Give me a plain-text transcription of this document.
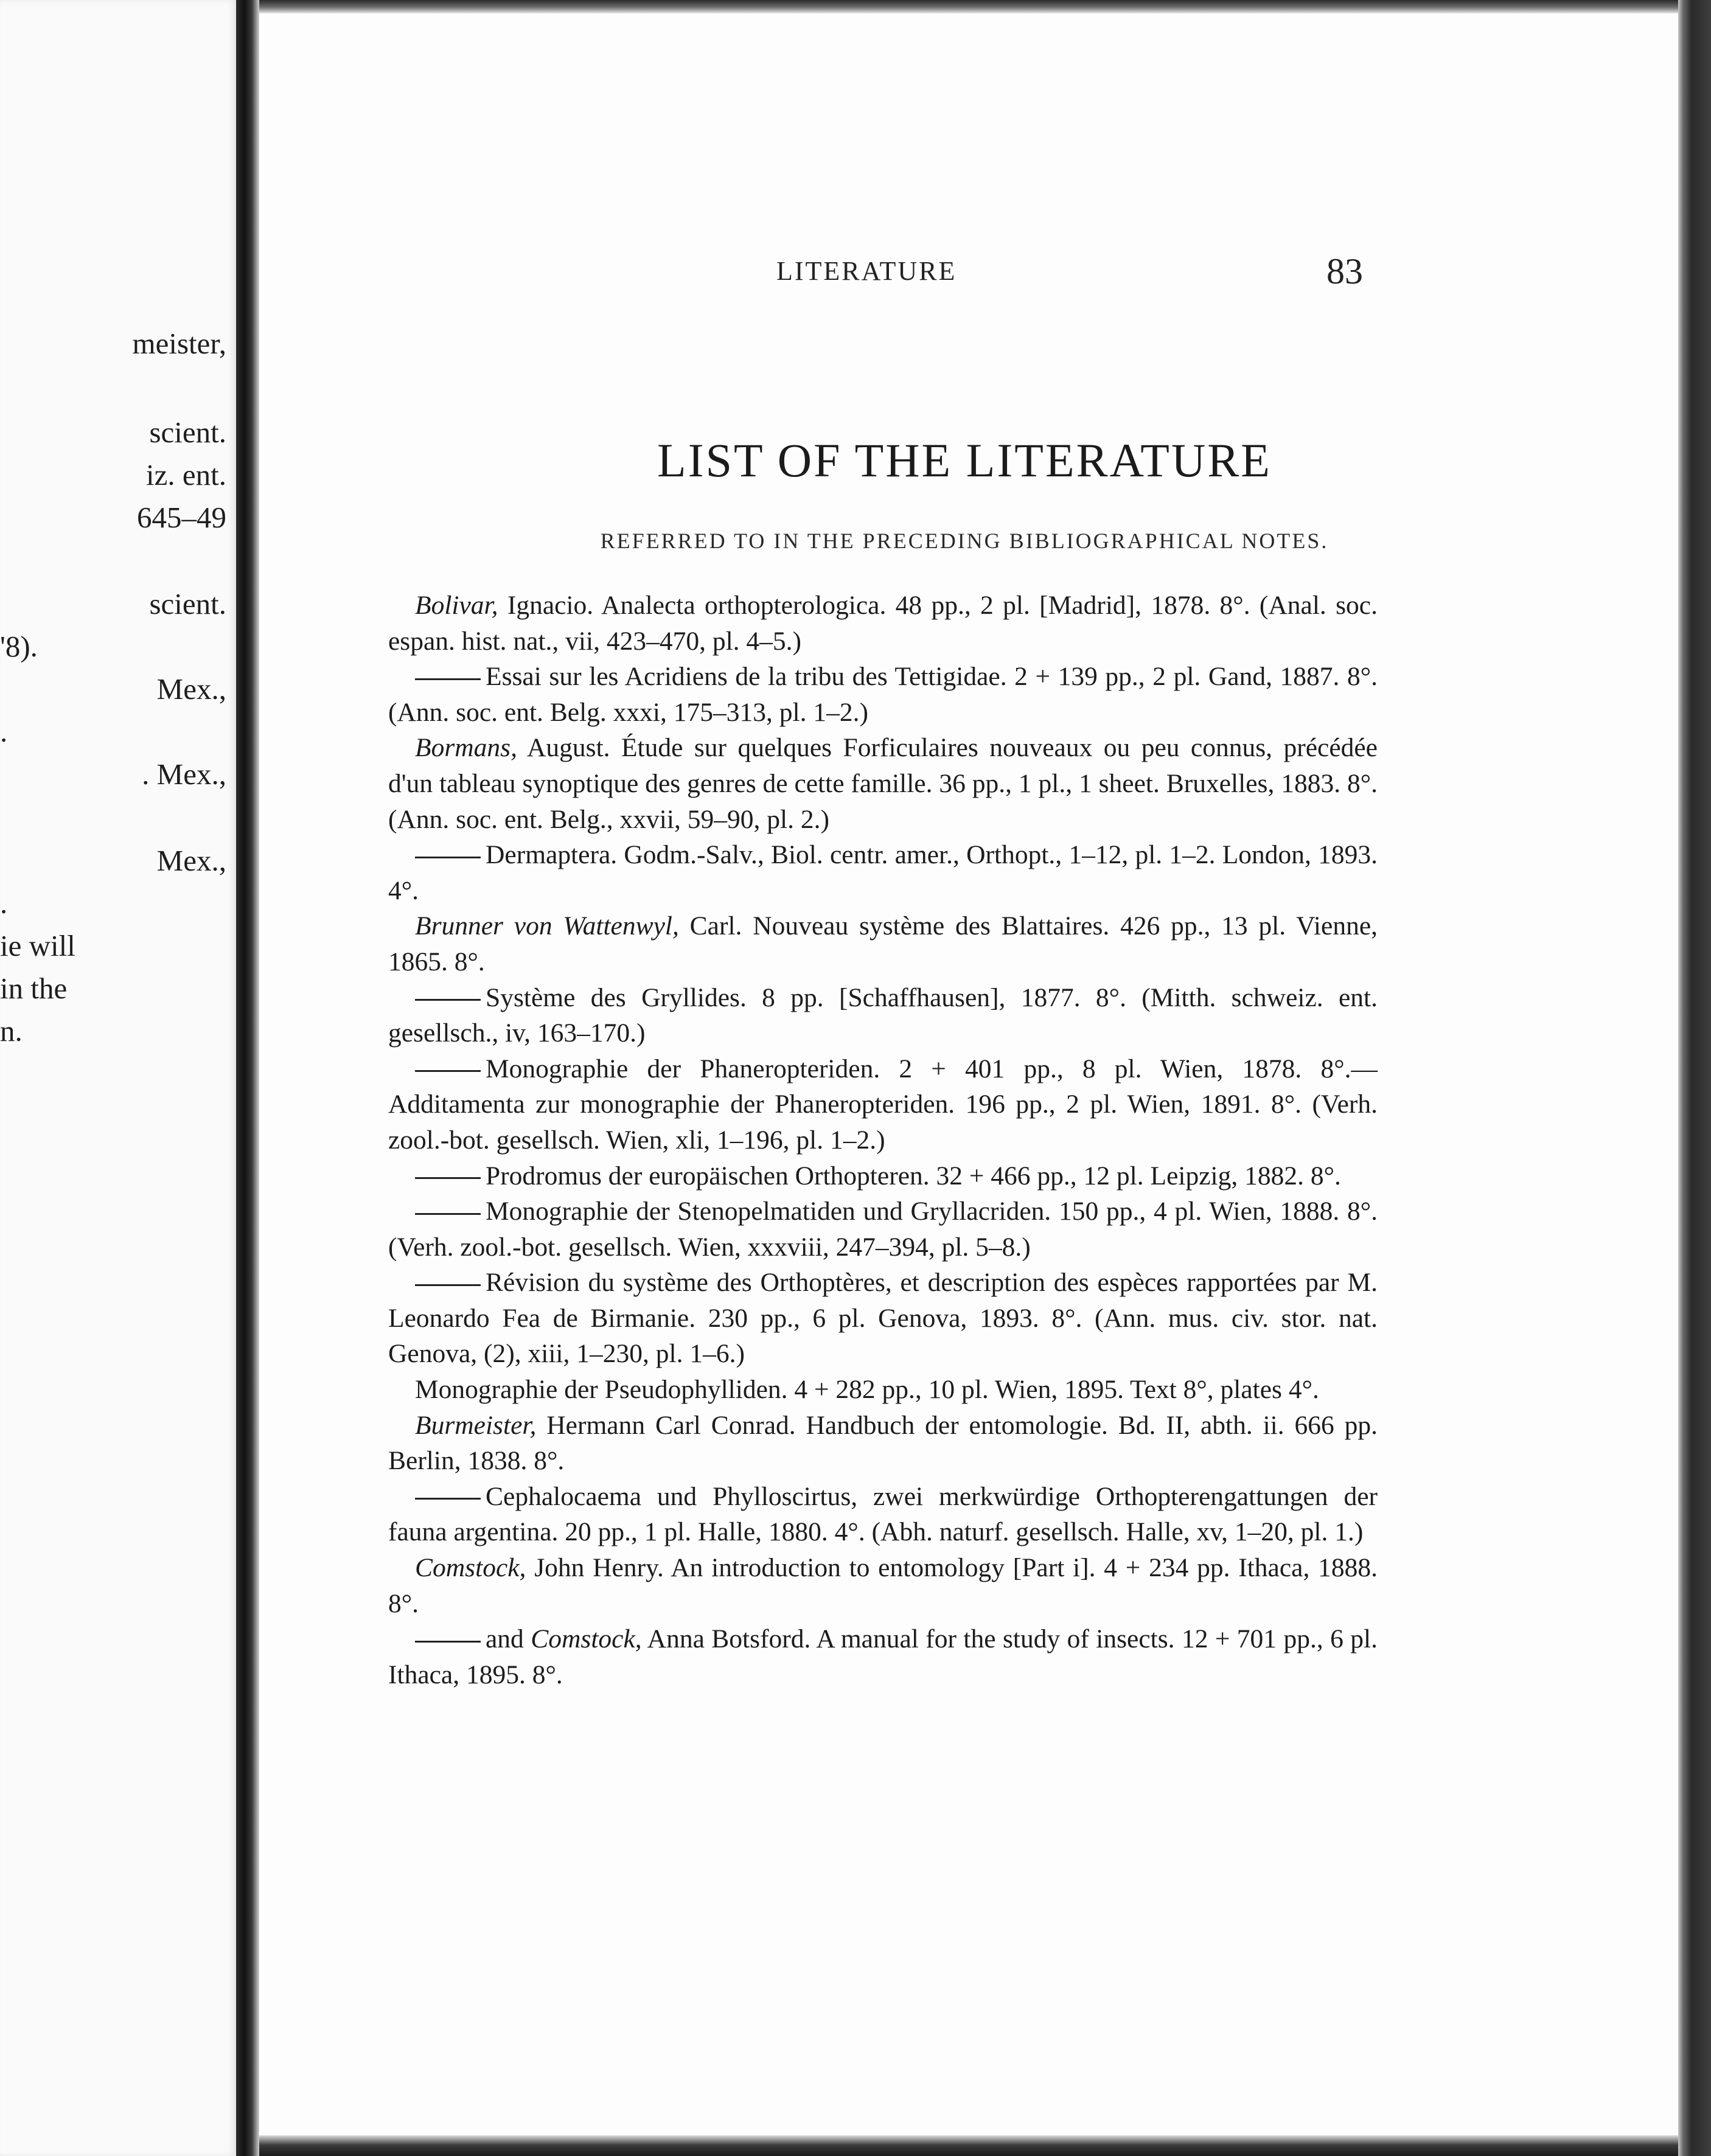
meister,
scient.
iz. ent.
645–49
scient.
'8).
Mex.,
.
. Mex.,
Mex.,
.
ie will
in the
n.
LITERATURE	83
LIST OF THE LITERATURE
REFERRED TO IN THE PRECEDING BIBLIOGRAPHICAL NOTES.

Bolivar, Ignacio. Analecta orthopterologica. 48 pp., 2 pl. [Madrid], 1878. 8°. (Anal. soc. espan. hist. nat., vii, 423–470, pl. 4–5.)

Essai sur les Acridiens de la tribu des Tettigidae. 2 + 139 pp., 2 pl. Gand, 1887. 8°. (Ann. soc. ent. Belg. xxxi, 175–313, pl. 1–2.)

Bormans, August. Étude sur quelques Forficulaires nouveaux ou peu connus, précédée d'un tableau synoptique des genres de cette famille. 36 pp., 1 pl., 1 sheet. Bruxelles, 1883. 8°. (Ann. soc. ent. Belg., xxvii, 59–90, pl. 2.)

Dermaptera. Godm.-Salv., Biol. centr. amer., Orthopt., 1–12, pl. 1–2. London, 1893. 4°.

Brunner von Wattenwyl, Carl. Nouveau système des Blattaires. 426 pp., 13 pl. Vienne, 1865. 8°.

Système des Gryllides. 8 pp. [Schaffhausen], 1877. 8°. (Mitth. schweiz. ent. gesellsch., iv, 163–170.)

Monographie der Phaneropteriden. 2 + 401 pp., 8 pl. Wien, 1878. 8°.—Additamenta zur monographie der Phaneropteriden. 196 pp., 2 pl. Wien, 1891. 8°. (Verh. zool.-bot. gesellsch. Wien, xli, 1–196, pl. 1–2.)

Prodromus der europäischen Orthopteren. 32 + 466 pp., 12 pl. Leipzig, 1882. 8°.

Monographie der Stenopelmatiden und Gryllacriden. 150 pp., 4 pl. Wien, 1888. 8°. (Verh. zool.-bot. gesellsch. Wien, xxxviii, 247–394, pl. 5–8.)

Révision du système des Orthoptères, et description des espèces rapportées par M. Leonardo Fea de Birmanie. 230 pp., 6 pl. Genova, 1893. 8°. (Ann. mus. civ. stor. nat. Genova, (2), xiii, 1–230, pl. 1–6.)

Monographie der Pseudophylliden. 4 + 282 pp., 10 pl. Wien, 1895. Text 8°, plates 4°.

Burmeister, Hermann Carl Conrad. Handbuch der entomologie. Bd. II, abth. ii. 666 pp. Berlin, 1838. 8°.

Cephalocaema und Phylloscirtus, zwei merkwürdige Orthopterengattungen der fauna argentina. 20 pp., 1 pl. Halle, 1880. 4°. (Abh. naturf. gesellsch. Halle, xv, 1–20, pl. 1.)

Comstock, John Henry. An introduction to entomology [Part i]. 4 + 234 pp. Ithaca, 1888. 8°.

and Comstock, Anna Botsford. A manual for the study of insects. 12 + 701 pp., 6 pl. Ithaca, 1895. 8°.
